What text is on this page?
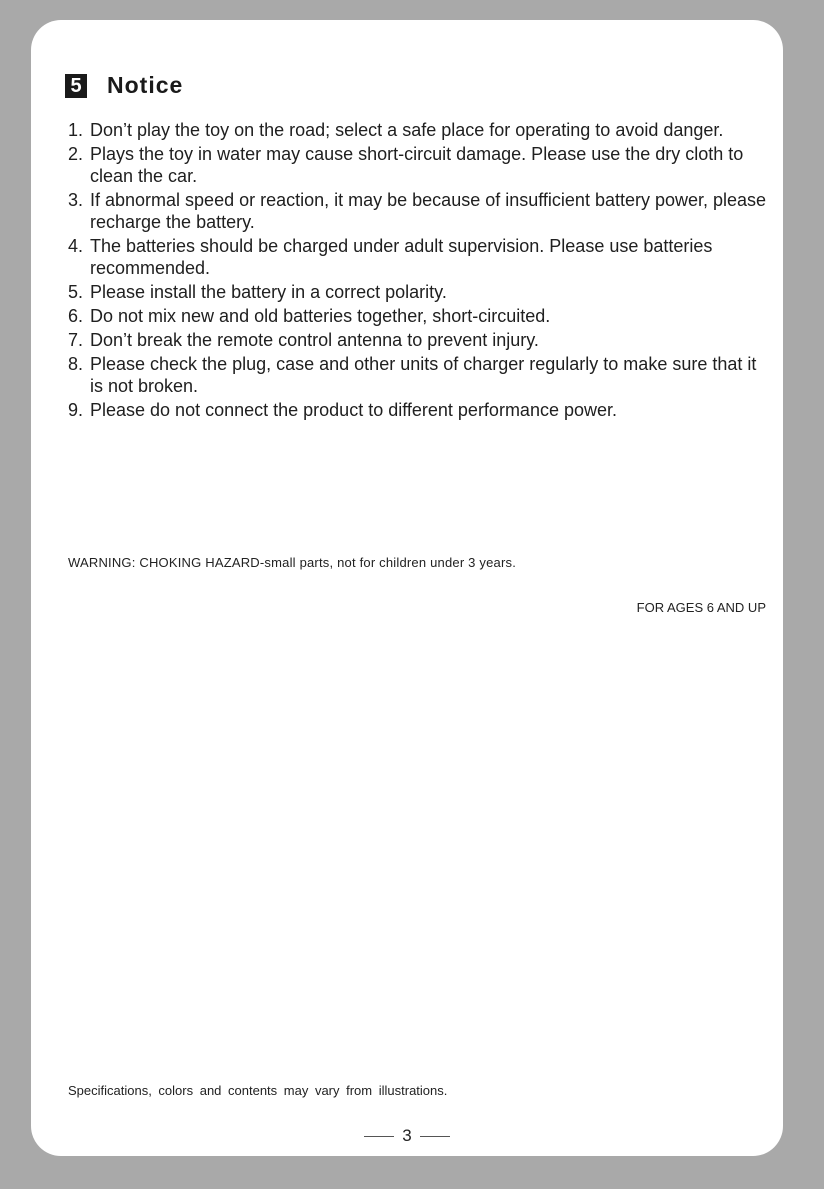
5 Notice
1. Don’t play the toy on the road; select a safe place for operating to avoid danger.
2. Plays the toy in water may cause short-circuit damage. Please use the dry cloth to clean the car.
3. If abnormal speed or reaction, it may be because of insufficient battery power, please recharge the battery.
4. The batteries should be charged under adult supervision. Please use batteries recommended.
5. Please install the battery in a correct polarity.
6. Do not mix new and old batteries together, short-circuited.
7. Don’t break the remote control antenna to prevent injury.
8. Please check the plug, case and other units of charger regularly to make sure that it is not broken.
9. Please do not connect the product to different performance power.
WARNING: CHOKING HAZARD-small parts, not for children under 3 years.
FOR AGES 6 AND UP
Specifications, colors and contents may vary from illustrations.
3
